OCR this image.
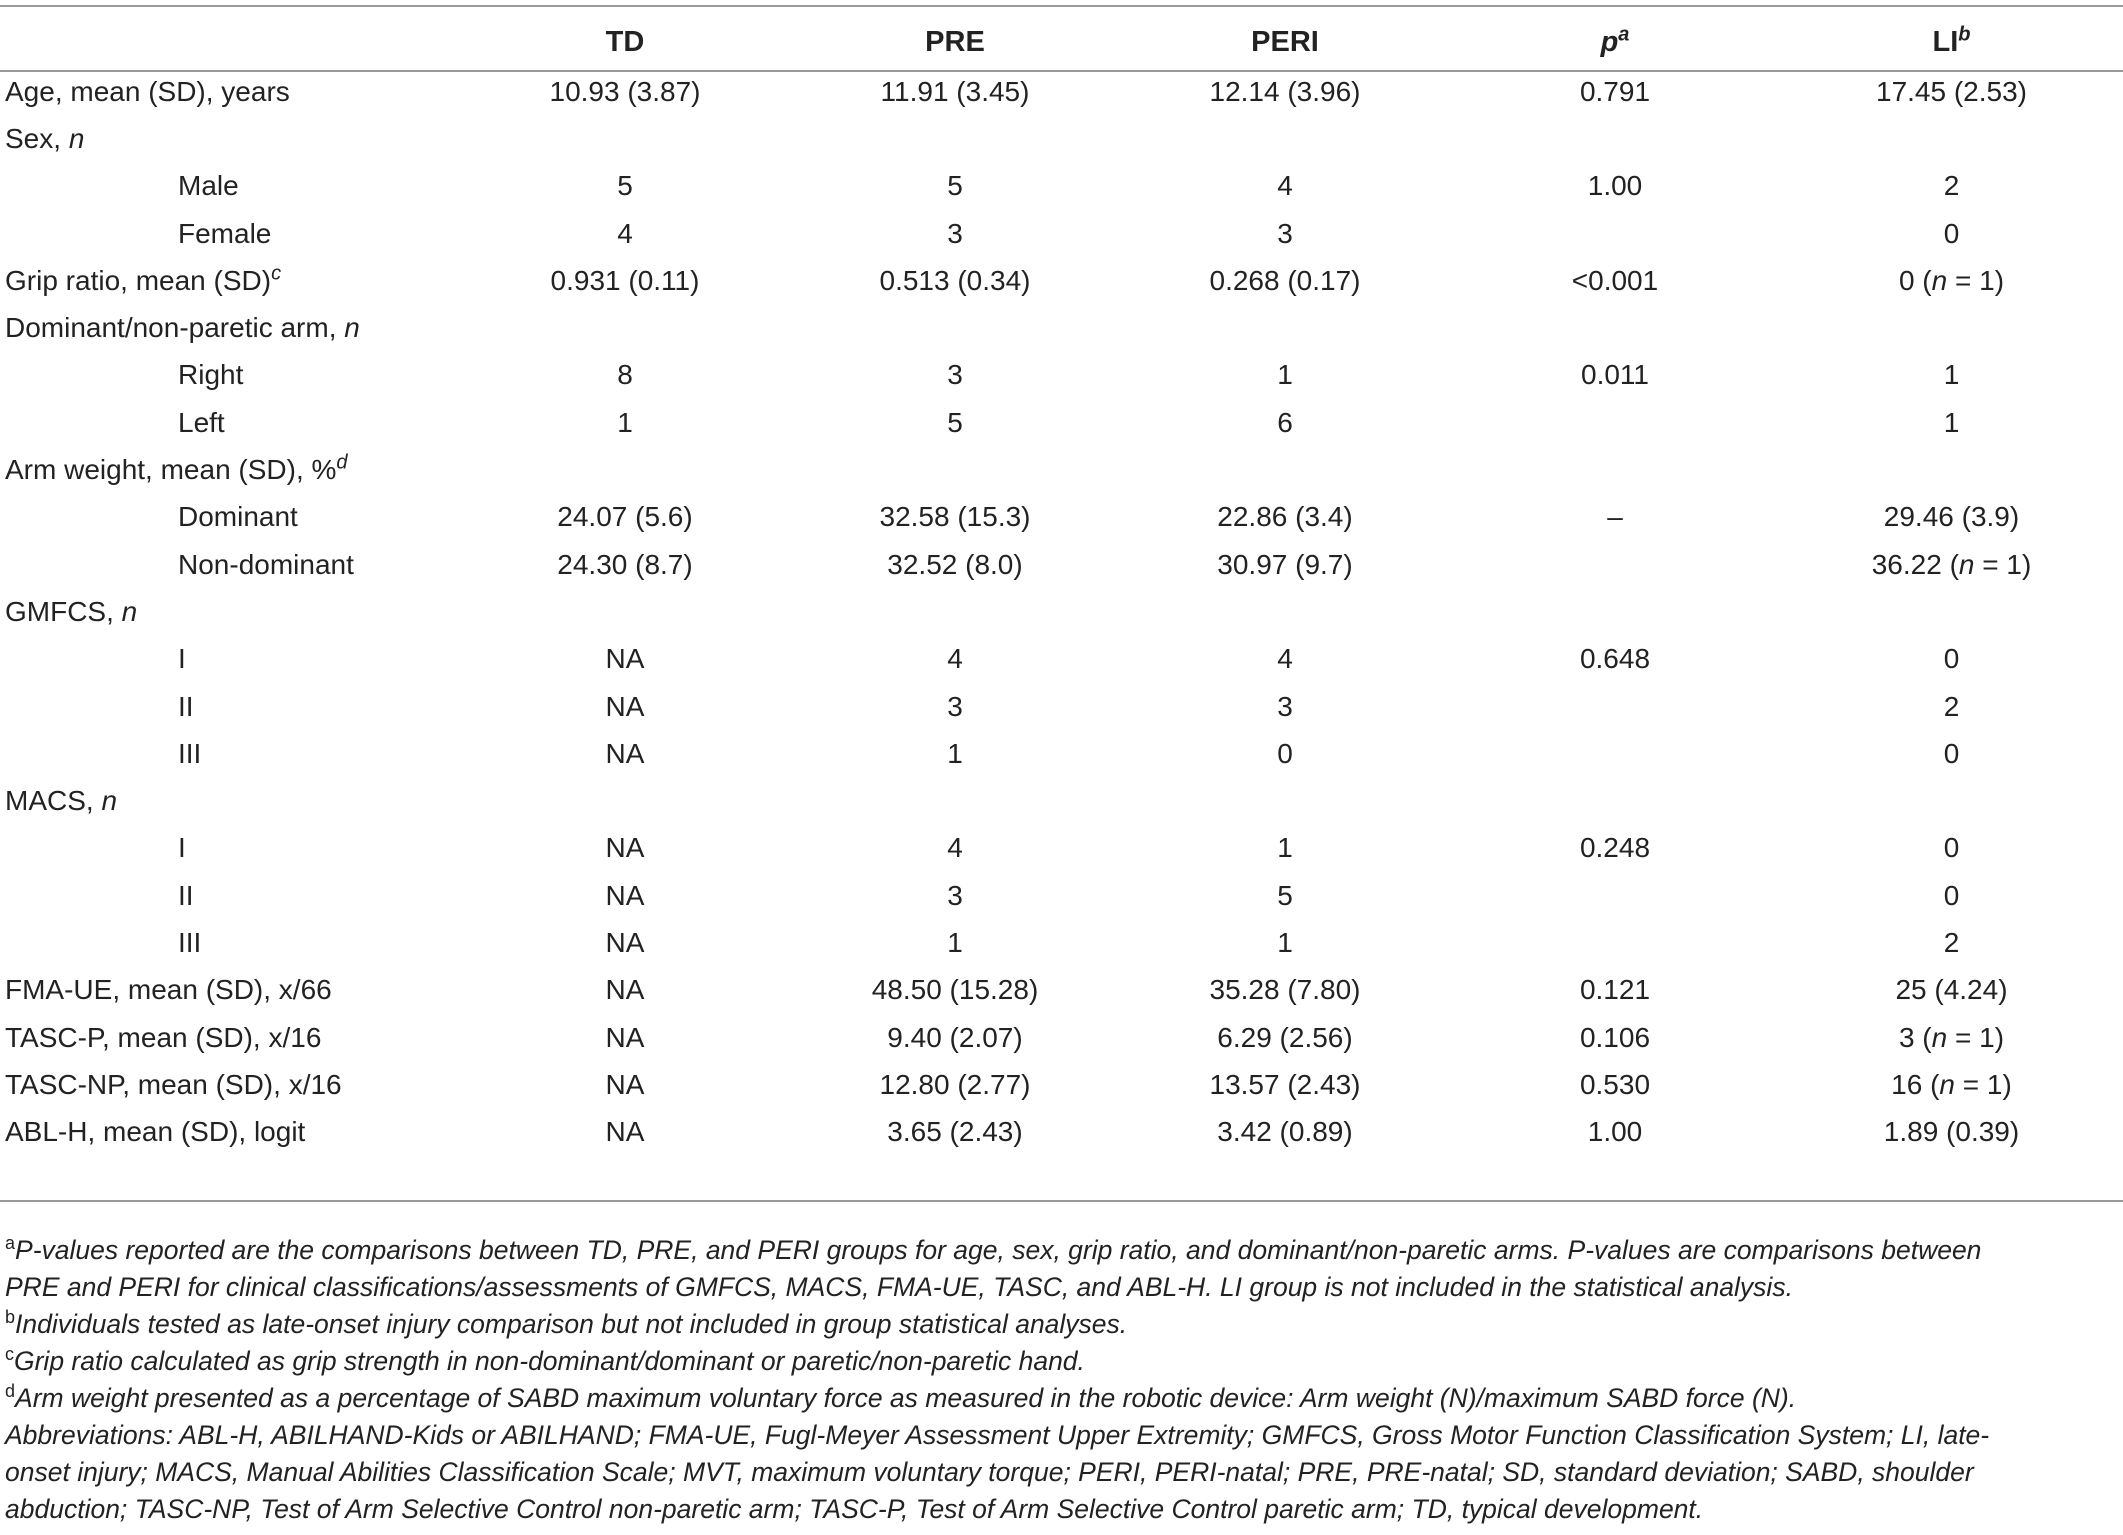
	TD	PRE	PERI	$p^a$	$LI^b$
Age, mean (SD), years	10.93 (3.87)	11.91 (3.45)	12.14 (3.96)	0.791	17.45 (2.53)
Sex, n					
Male	5	5	4	1.00	2
Female	4	3	3		0
Grip ratio, mean (SD)$^c$	0.931 (0.11)	0.513 (0.34)	0.268 (0.17)	<0.001	0 (n = 1)
Dominant/non-paretic arm, n					
Right	8	3	1	0.011	1
Left	1	5	6		1
Arm weight, mean (SD), %$^d$					
Dominant	24.07 (5.6)	32.58 (15.3)	22.86 (3.4)	–	29.46 (3.9)
Non-dominant	24.30 (8.7)	32.52 (8.0)	30.97 (9.7)		36.22 (n = 1)
GMFCS, n					
I	NA	4	4	0.648	0
II	NA	3	3		2
III	NA	1	0		0
MACS, n					
I	NA	4	1	0.248	0
II	NA	3	5		0
III	NA	1	1		2
FMA-UE, mean (SD), x/66	NA	48.50 (15.28)	35.28 (7.80)	0.121	25 (4.24)
TASC-P, mean (SD), x/16	NA	9.40 (2.07)	6.29 (2.56)	0.106	3 (n = 1)
TASC-NP, mean (SD), x/16	NA	12.80 (2.77)	13.57 (2.43)	0.530	16 (n = 1)
ABL-H, mean (SD), logit	NA	3.65 (2.43)	3.42 (0.89)	1.00	1.89 (0.39)
$^a$P-values reported are the comparisons between TD, PRE, and PERI groups for age, sex, grip ratio, and dominant/non-paretic arms. P-values are comparisons between
PRE and PERI for clinical classifications/assessments of GMFCS, MACS, FMA-UE, TASC, and ABL-H. LI group is not included in the statistical analysis.
$^b$Individuals tested as late-onset injury comparison but not included in group statistical analyses.
$^c$Grip ratio calculated as grip strength in non-dominant/dominant or paretic/non-paretic hand.
$^d$Arm weight presented as a percentage of SABD maximum voluntary force as measured in the robotic device: Arm weight (N)/maximum SABD force (N).
Abbreviations: ABL-H, ABILHAND-Kids or ABILHAND; FMA-UE, Fugl-Meyer Assessment Upper Extremity; GMFCS, Gross Motor Function Classification System; LI, late-
onset injury; MACS, Manual Abilities Classification Scale; MVT, maximum voluntary torque; PERI, PERI-natal; PRE, PRE-natal; SD, standard deviation; SABD, shoulder
abduction; TASC-NP, Test of Arm Selective Control non-paretic arm; TASC-P, Test of Arm Selective Control paretic arm; TD, typical development.
